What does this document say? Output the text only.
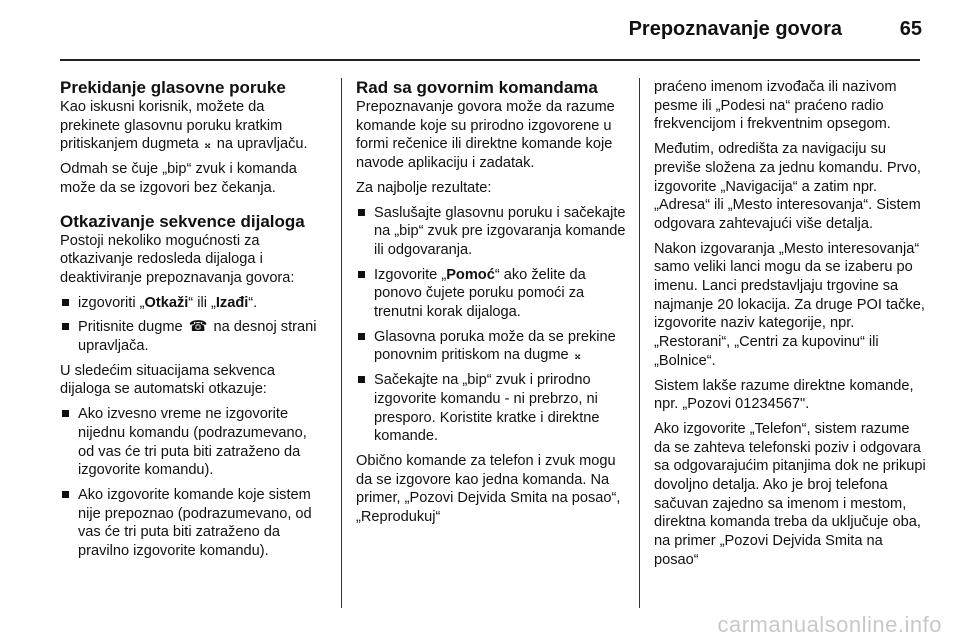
Prepoznavanje govora	65
Prekidanje glasovne poruke

Kao iskusni korisnik, možete da prekinete glasovnu poruku kratkim pritiskanjem dugmeta 𝄪 na upravljaču.

Odmah se čuje „bip“ zvuk i komanda može da se izgovori bez čekanja.

Otkazivanje sekvence dijaloga

Postoji nekoliko mogućnosti za otkazivanje redosleda dijaloga i deaktiviranje prepoznavanja govora:

izgovoriti „Otkaži“ ili „Izađi“.
Pritisnite dugme ☎ na desnoj strani upravljača.

U sledećim situacijama sekvenca dijaloga se automatski otkazuje:

Ako izvesno vreme ne izgovorite nijednu komandu (podrazumevano, od vas će tri puta biti zatraženo da izgovorite komandu).
Ako izgovorite komande koje sistem nije prepoznao (podrazumevano, od vas će tri puta biti zatraženo da pravilno izgovorite komandu).
Rad sa govornim komandama

Prepoznavanje govora može da razume komande koje su prirodno izgovorene u formi rečenice ili direktne komande koje navode aplikaciju i zadatak.

Za najbolje rezultate:

Saslušajte glasovnu poruku i sačekajte na „bip“ zvuk pre izgovaranja komande ili odgovaranja.
Izgovorite „Pomoć“ ako želite da ponovo čujete poruku pomoći za trenutni korak dijaloga.
Glasovna poruka može da se prekine ponovnim pritiskom na dugme 𝄪
Sačekajte na „bip“ zvuk i prirodno izgovorite komandu - ni prebrzo, ni presporo. Koristite kratke i direktne komande.

Obično komande za telefon i zvuk mogu da se izgovore kao jedna komanda. Na primer, „Pozovi Dejvida Smita na posao“, „Reprodukuj“

praćeno imenom izvođača ili nazivom pesme ili „Podesi na“ praćeno radio frekvencijom i frekventnim opsegom.

Međutim, odredišta za navigaciju su previše složena za jednu komandu. Prvo, izgovorite „Navigacija“ a zatim npr. „Adresa“ ili „Mesto interesovanja“. Sistem odgovara zahtevajući više detalja.

Nakon izgovaranja „Mesto interesovanja“ samo veliki lanci mogu da se izaberu po imenu. Lanci predstavljaju trgovine sa najmanje 20 lokacija. Za druge POI tačke, izgovorite naziv kategorije, npr. „Restorani“, „Centri za kupovinu“ ili „Bolnice“.

Sistem lakše razume direktne komande, npr. „Pozovi 01234567".

Ako izgovorite „Telefon“, sistem razume da se zahteva telefonski poziv i odgovara sa odgovarajućim pitanjima dok ne prikupi dovoljno detalja. Ako je broj telefona sačuvan zajedno sa imenom i mestom, direktna komanda treba da uključuje oba, na primer „Pozovi Dejvida Smita na posao“

carmanualsonline.info
